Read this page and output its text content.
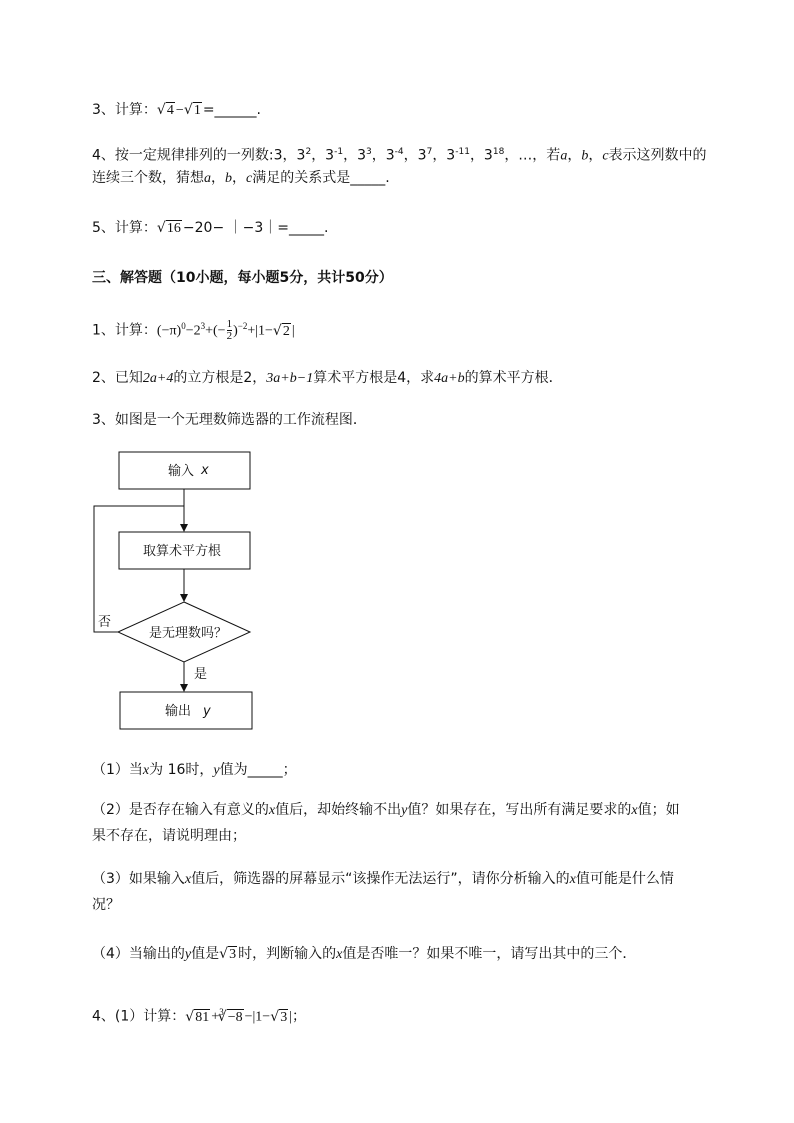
3、计算：√ 4 −√ 1 =______.
4、按一定规律排列的一列数:3，$3^2$，$3^{-1}$，$3^3$，$3^{-4}$，$3^7$，$3^{-11}$，$3^{18}$，…，若a，b，c表示这列数中的
连续三个数，猜想a，b，c满足的关系式是_____.
5、计算：√ 16 −20− ｜−3｜=_____.
三、解答题（10小题，每小题5分，共计50分）
1、计算：$(-\pi)^0-2^3+(- \frac{1}{2} )^{-2}+|1-√$ 2 |
2、已知2a+4的立方根是2，3a+b−1算术平方根是4，求4a+b的算术平方根．
3、如图是一个无理数筛选器的工作流程图．
输入 x
取算术平方根
是无理数吗？
否
是
输出 y
（1）当x为 16时，y值为_____；
（2）是否存在输入有意义的x值后，却始终输不出y值？如果存在，写出所有满足要求的x值；如
果不存在，请说明理由；
（3）如果输入x值后，筛选器的屏幕显示“该操作无法运行”，请你分析输入的x值可能是什么情
况？
（4）当输出的y值是√ 3 时，判断输入的x值是否唯一？如果不唯一，请写出其中的三个．
4、(1）计算：√ 81 +$^3$√ −8 −|1−√ 3 |；
